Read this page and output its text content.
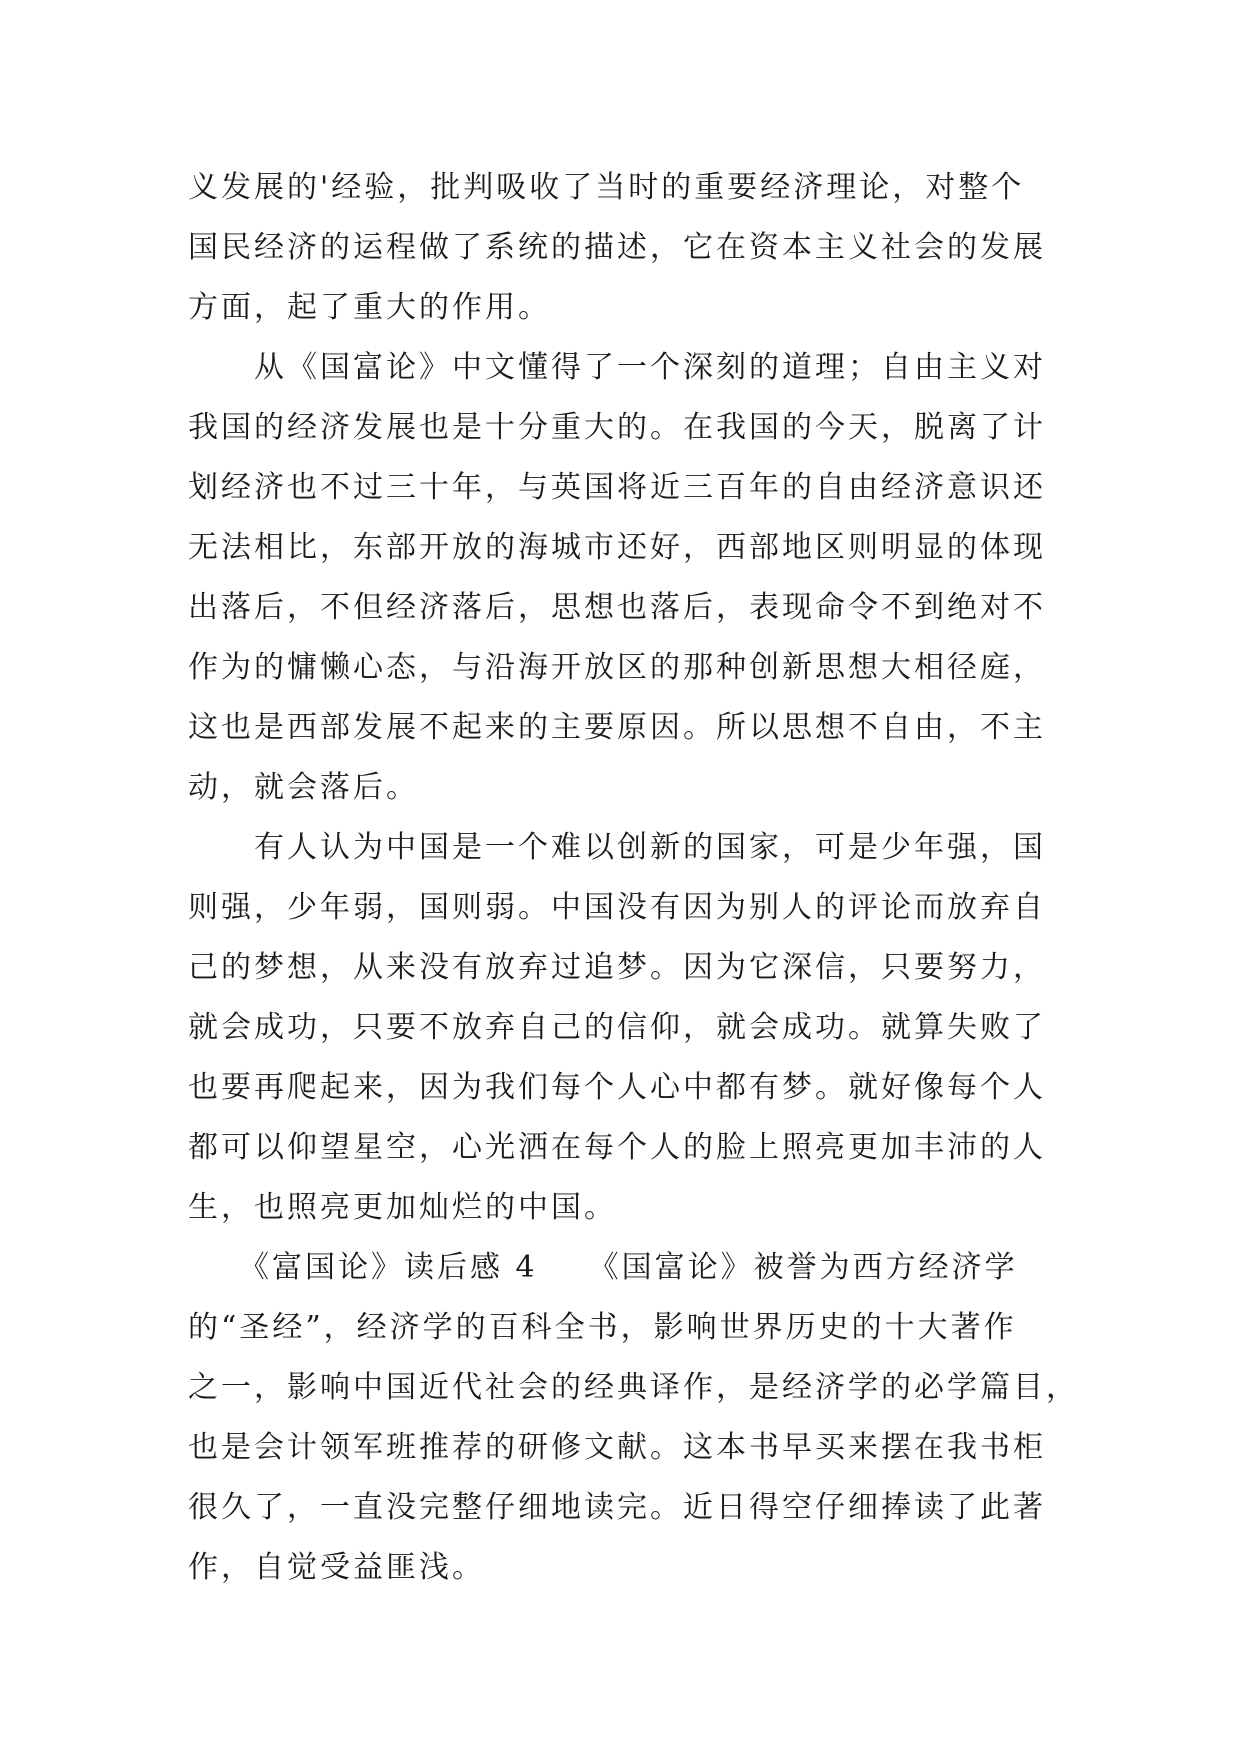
义发展的'经验，批判吸收了当时的重要经济理论，对整个
国民经济的运程做了系统的描述，它在资本主义社会的发展
方面，起了重大的作用。
　　从《国富论》中文懂得了一个深刻的道理；自由主义对
我国的经济发展也是十分重大的。在我国的今天，脱离了计
划经济也不过三十年，与英国将近三百年的自由经济意识还
无法相比，东部开放的海城市还好，西部地区则明显的体现
出落后，不但经济落后，思想也落后，表现命令不到绝对不
作为的慵懒心态，与沿海开放区的那种创新思想大相径庭，
这也是西部发展不起来的主要原因。所以思想不自由，不主
动，就会落后。
　　有人认为中国是一个难以创新的国家，可是少年强，国
则强，少年弱，国则弱。中国没有因为别人的评论而放弃自
己的梦想，从来没有放弃过追梦。因为它深信，只要努力，
就会成功，只要不放弃自己的信仰，就会成功。就算失败了
也要再爬起来，因为我们每个人心中都有梦。就好像每个人
都可以仰望星空，心光洒在每个人的脸上照亮更加丰沛的人
生，也照亮更加灿烂的中国。
　　《富国论》读后感 4　　《国富论》被誉为西方经济学
的“圣经”，经济学的百科全书，影响世界历史的十大著作
之一，影响中国近代社会的经典译作，是经济学的必学篇目，
也是会计领军班推荐的研修文献。这本书早买来摆在我书柜
很久了，一直没完整仔细地读完。近日得空仔细捧读了此著
作，自觉受益匪浅。
